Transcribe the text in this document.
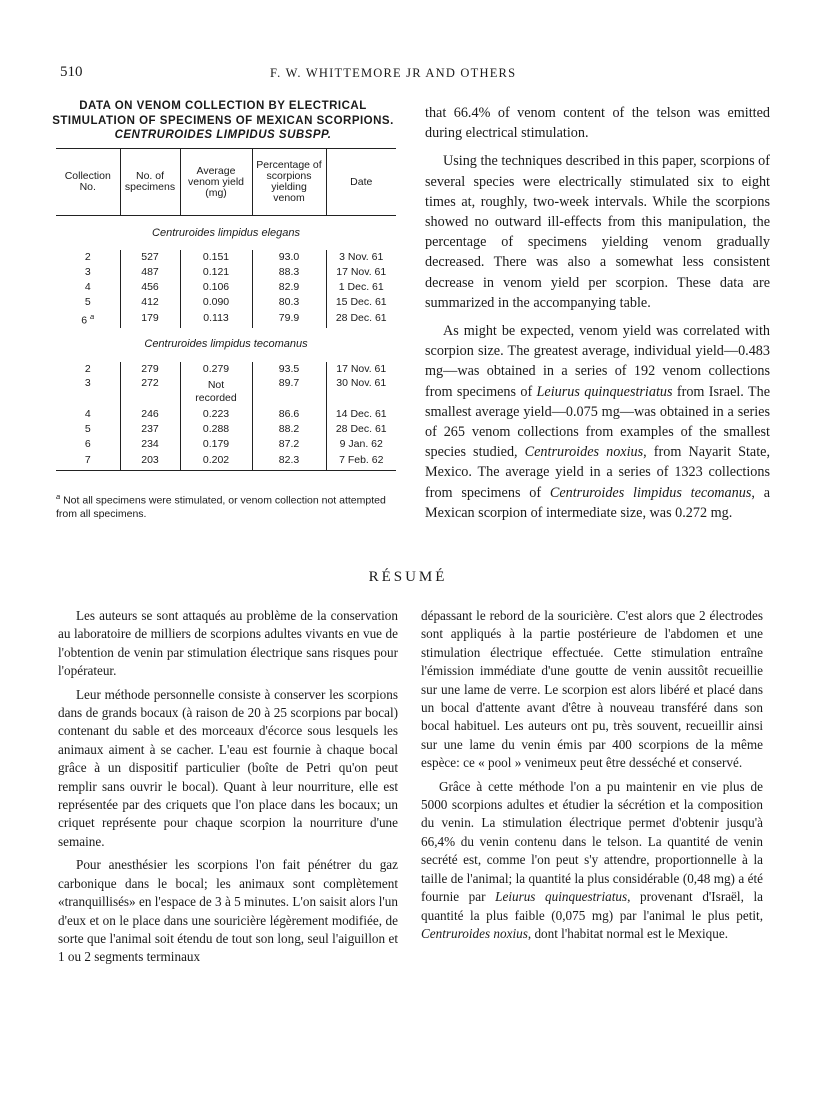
510	F. W. WHITTEMORE JR AND OTHERS
DATA ON VENOM COLLECTION BY ELECTRICAL
STIMULATION OF SPECIMENS OF MEXICAN SCORPIONS.
CENTRUROIDES LIMPIDUS SUBSPP.
Collection No.	No. of specimens	Average venom yield (mg)	Percentage of scorpions yielding venom	Date
Centruroides limpidus elegans				
2	527	0.151	93.0	3 Nov. 61
3	487	0.121	88.3	17 Nov. 61
4	456	0.106	82.9	1 Dec. 61
5	412	0.090	80.3	15 Dec. 61
6 $^a$	179	0.113	79.9	28 Dec. 61
Centruroides limpidus tecomanus				
2	279	0.279	93.5	17 Nov. 61
3	272	Not recorded	89.7	30 Nov. 61
4	246	0.223	86.6	14 Dec. 61
5	237	0.288	88.2	28 Dec. 61
6	234	0.179	87.2	9 Jan. 62
7	203	0.202	82.3	7 Feb. 62
$^a$ Not all specimens were stimulated, or venom collection not attempted from all specimens.

that 66.4% of venom content of the telson was emitted during electrical stimulation.

Using the techniques described in this paper, scorpions of several species were electrically stimulated six to eight times at, roughly, two-week intervals. While the scorpions showed no outward ill-effects from this manipulation, the percentage of specimens yielding venom gradually decreased. There was also a somewhat less consistent decrease in venom yield per scorpion. These data are summarized in the accompanying table.

As might be expected, venom yield was correlated with scorpion size. The greatest average, individual yield—0.483 mg—was obtained in a series of 192 venom collections from specimens of Leiurus quinquestriatus from Israel. The smallest average yield—0.075 mg—was obtained in a series of 265 venom collections from examples of the smallest species studied, Centruroides noxius, from Nayarit State, Mexico. The average yield in a series of 1323 collections from specimens of Centruroides limpidus tecomanus, a Mexican scorpion of intermediate size, was 0.272 mg.

RÉSUMÉ

Les auteurs se sont attaqués au problème de la conservation au laboratoire de milliers de scorpions adultes vivants en vue de l'obtention de venin par stimulation électrique sans risques pour l'opérateur.

Leur méthode personnelle consiste à conserver les scorpions dans de grands bocaux (à raison de 20 à 25 scorpions par bocal) contenant du sable et des morceaux d'écorce sous lesquels les animaux aiment à se cacher. L'eau est fournie à chaque bocal grâce à un dispositif particulier (boîte de Petri qu'on peut remplir sans ouvrir le bocal). Quant à leur nourriture, elle est représentée par des criquets que l'on place dans les bocaux; un criquet représente pour chaque scorpion la nourriture d'une semaine.

Pour anesthésier les scorpions l'on fait pénétrer du gaz carbonique dans le bocal; les animaux sont complètement «tranquillisés» en l'espace de 3 à 5 minutes. L'on saisit alors l'un d'eux et on le place dans une souricière légèrement modifiée, de sorte que l'animal soit étendu de tout son long, seul l'aiguillon et 1 ou 2 segments terminaux

dépassant le rebord de la souricière. C'est alors que 2 électrodes sont appliqués à la partie postérieure de l'abdomen et une stimulation électrique effectuée. Cette stimulation entraîne l'émission immédiate d'une goutte de venin aussitôt recueillie sur une lame de verre. Le scorpion est alors libéré et placé dans un bocal d'attente avant d'être à nouveau transféré dans son bocal habituel. Les auteurs ont pu, très souvent, recueillir ainsi sur une lame du venin émis par 400 scorpions de la même espèce: ce « pool » venimeux peut être desséché et conservé.

Grâce à cette méthode l'on a pu maintenir en vie plus de 5000 scorpions adultes et étudier la sécrétion et la composition du venin. La stimulation électrique permet d'obtenir jusqu'à 66,4% du venin contenu dans le telson. La quantité de venin secrété est, comme l'on peut s'y attendre, proportionnelle à la taille de l'animal; la quantité la plus considérable (0,48 mg) a été fournie par Leiurus quinquestriatus, provenant d'Israël, la quantité la plus faible (0,075 mg) par l'animal le plus petit, Centruroides noxius, dont l'habitat normal est le Mexique.
